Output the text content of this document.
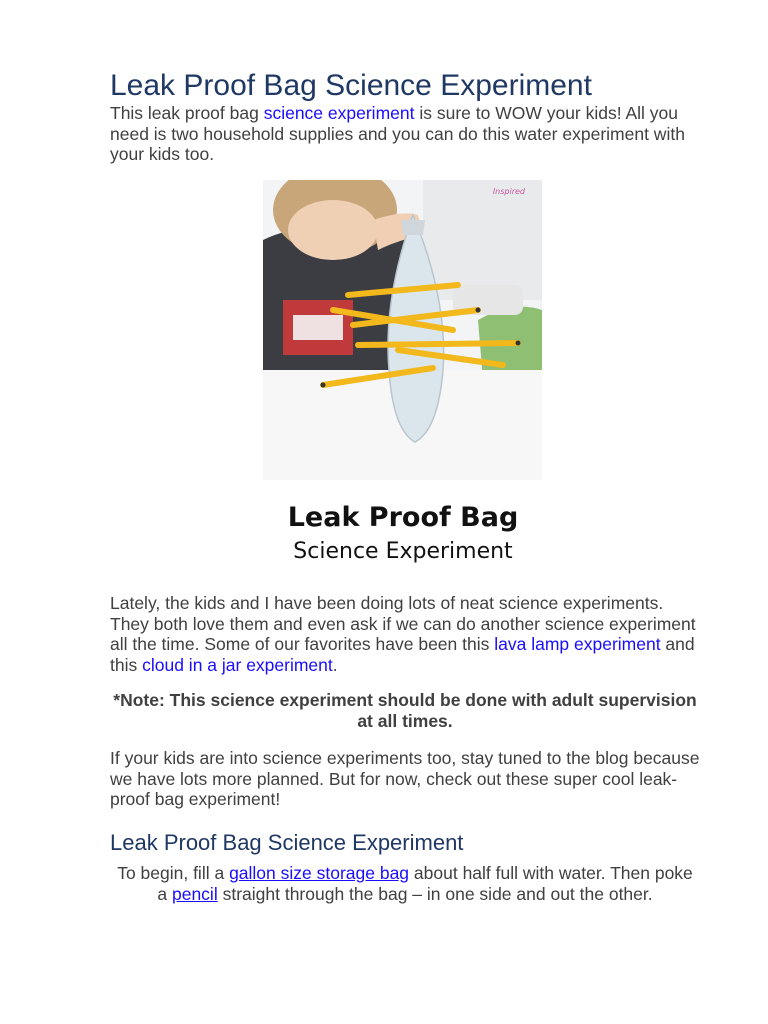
Leak Proof Bag Science Experiment
This leak proof bag science experiment is sure to WOW your kids! All you need is two household supplies and you can do this water experiment with your kids too.
Lately, the kids and I have been doing lots of neat science experiments. They both love them and even ask if we can do another science experiment all the time. Some of our favorites have been this lava lamp experiment and this cloud in a jar experiment.
*Note: This science experiment should be done with adult supervision at all times.
If your kids are into science experiments too, stay tuned to the blog because we have lots more planned. But for now, check out these super cool leak-proof bag experiment!
Leak Proof Bag Science Experiment
To begin, fill a gallon size storage bag about half full with water. Then poke a pencil straight through the bag – in one side and out the other.
Leak Proof Bag
Science Experiment
Inspired
